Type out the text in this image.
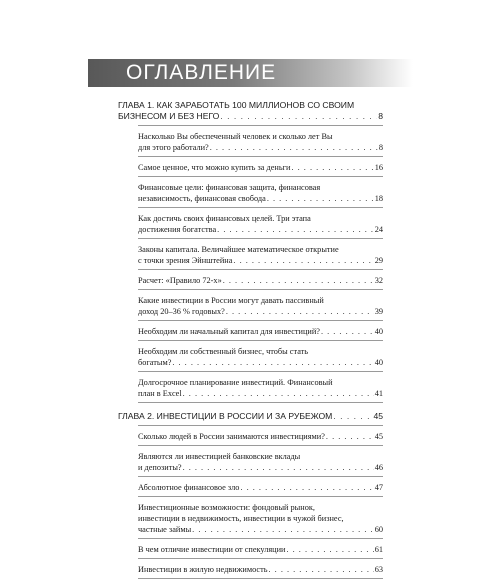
ОГЛАВЛЕНИЕ
ГЛАВА 1. КАК ЗАРАБОТАТЬ 100 МИЛЛИОНОВ СО СВОИМ
БИЗНЕСОМ И БЕЗ НЕГО . . .	8
Насколько Вы обеспеченный человек и сколько лет Вы
для этого работали? . . .	8
Самое ценное, что можно купить за деньги . . .	16
Финансовые цели: финансовая защита, финансовая
независимость, финансовая свобода . . .	18
Как достичь своих финансовых целей. Три этапа
достижения богатства . . .	24
Законы капитала. Величайшее математическое открытие
с точки зрения Эйнштейна . . .	29
Расчет: «Правило 72-х» . . .	32
Какие инвестиции в России могут давать пассивный
доход 20–36 % годовых? . . .	39
Необходим ли начальный капитал для инвестиций? . . .	40
Необходим ли собственный бизнес, чтобы стать
богатым? . . .	40
Долгосрочное планирование инвестиций. Финансовый
план в Excel . . .	41
ГЛАВА 2. ИНВЕСТИЦИИ В РОССИИ И ЗА РУБЕЖОМ . . .	45
Сколько людей в России занимаются инвестициями? . . .	45
Являются ли инвестицией банковские вклады
и депозиты? . . .	46
Абсолютное финансовое зло . . .	47
Инвестиционные возможности: фондовый рынок,
инвестиции в недвижимость, инвестиции в чужой бизнес,
частные займы . . .	60
В чем отличие инвестиции от спекуляции . . .	61
Инвестиции в жилую недвижимость . . .	63
